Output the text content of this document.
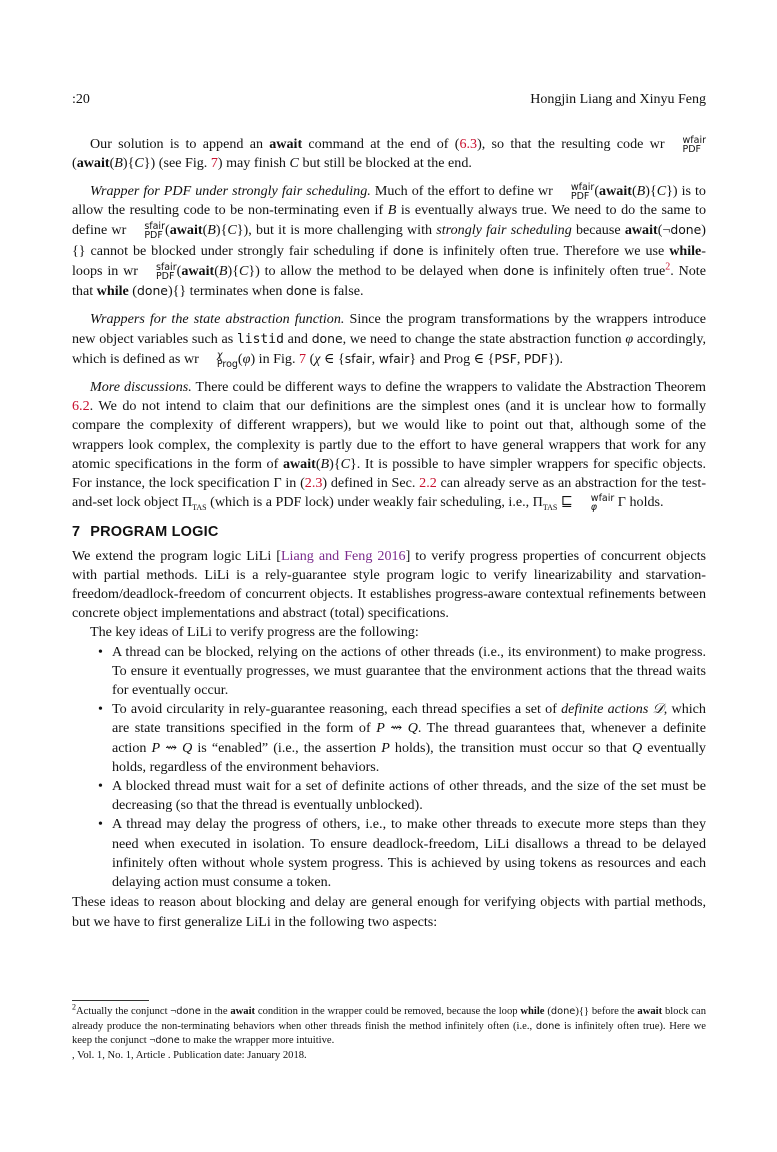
:20	Hongjin Liang and Xinyu Feng

Our solution is to append an await command at the end of (6.3), so that the resulting code wr	wfair
PDF
(await(B){C}) (see Fig. 7) may finish C but still be blocked at the end.

Wrapper for PDF under strongly fair scheduling. Much of the effort to define wr	wfair
PDF (await(B){C}) is to allow the resulting code to be non-terminating even if B is eventually always true. We need to do the same to define wr	sfair
PDF (await(B){C}), but it is more challenging with strongly fair scheduling because await(¬done){} cannot be blocked under strongly fair scheduling if done is infinitely often true. Therefore we use while-loops in wr	sfair
PDF (await(B){C}) to allow the method to be delayed when done is infinitely often true$^2$. Note that while (done){} terminates when done is false.

Wrappers for the state abstraction function. Since the program transformations by the wrappers introduce new object variables such as listid and done, we need to change the state abstraction function φ accordingly, which is defined as wr	χ
Prog (φ) in Fig. 7 (χ ∈ {sfair, wfair} and Prog ∈ {PSF, PDF}).

More discussions. There could be different ways to define the wrappers to validate the Abstraction Theorem 6.2. We do not intend to claim that our definitions are the simplest ones (and it is unclear how to formally compare the complexity of different wrappers), but we would like to point out that, although some of the wrappers look complex, the complexity is partly due to the effort to have general wrappers that work for any atomic specifications in the form of await(B){C}. It is possible to have simpler wrappers for specific objects. For instance, the lock specification Γ in (2.3) defined in Sec. 2.2 can already serve as an abstraction for the test-and-set lock object $\Pi_{TAS}$ (which is a PDF lock) under weakly fair scheduling, i.e., $\Pi_{TAS}$ ⊑	wfair
φ	Γ holds.

7 PROGRAM LOGIC

We extend the program logic LiLi [Liang and Feng 2016] to verify progress properties of concurrent objects with partial methods. LiLi is a rely-guarantee style program logic to verify linearizability and starvation-freedom/deadlock-freedom of concurrent objects. It establishes progress-aware contextual refinements between concrete object implementations and abstract (total) specifications.

The key ideas of LiLi to verify progress are the following:

• A thread can be blocked, relying on the actions of other threads (i.e., its environment) to make progress. To ensure it eventually progresses, we must guarantee that the environment actions that the thread waits for eventually occur.
• To avoid circularity in rely-guarantee reasoning, each thread specifies a set of definite actions 𝒟, which are state transitions specified in the form of P ⇝ Q. The thread guarantees that, whenever a definite action P ⇝ Q is “enabled” (i.e., the assertion P holds), the transition must occur so that Q eventually holds, regardless of the environment behaviors.
• A blocked thread must wait for a set of definite actions of other threads, and the size of the set must be decreasing (so that the thread is eventually unblocked).
• A thread may delay the progress of others, i.e., to make other threads to execute more steps than they need when executed in isolation. To ensure deadlock-freedom, LiLi disallows a thread to be delayed infinitely often without whole system progress. This is achieved by using tokens as resources and each delaying action must consume a token.

These ideas to reason about blocking and delay are general enough for verifying objects with partial methods, but we have to first generalize LiLi in the following two aspects:

$^2$Actually the conjunct ¬done in the await condition in the wrapper could be removed, because the loop while (done){} before the await block can already produce the non-terminating behaviors when other threads finish the method infinitely often (i.e., done is infinitely often true). Here we keep the conjunct ¬done to make the wrapper more intuitive.
, Vol. 1, No. 1, Article . Publication date: January 2018.
